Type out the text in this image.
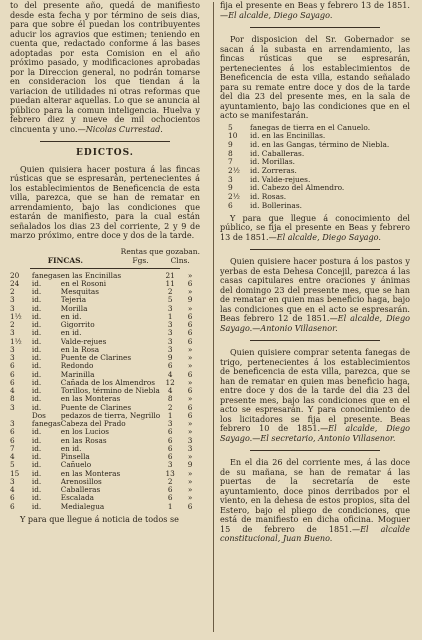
to del presente año, quedá de manifiesto desde esta fecha y por término de seis dias, para que sobre él puedan los contribuyentes aducir los agravios que estimen; teniendo en cuenta que, redactado conforme á las bases adoptadas por esta Comision en el año próximo pasado, y modificaciones aprobadas por la Direccion general, no podrán tomarse en consideracion los que tiendan á la variacion de utilidades ni otras reformas que puedan alterar aquellas. Lo que se anuncia al público para la comun inteligencia. Huelva y febrero diez y nueve de mil ochocientos cincuenta y uno.—Nicolas Currestad.

EDICTOS.

Quien quisiera hacer postura á las fincas rústicas que se espresarán, pertenecientes á los establecimientos de Beneficencia de esta villa, parezca, que se han de rematar en arrendamiento, bajo las condiciones que estarán de manifiesto, para la cual están señalados los dias 23 del corriente, 2 y 9 de marzo próximo, entre doce y dos de la tarde.

	Rentas que gozaban.	
FINCAS.	Fgs.	Clns.
20	fanegas	en las Encinillas	21	»
24	id.	en el Rosoni	11	6
2	id.	Mesquitas	2	»
3	id.	Tejeria	5	9
3	id.	Morilla	3	»
1½	id.	en id.	1	6
2	id.	Gigorrito	3	6
3	id.	en id.	3	6
1½	id.	Valde-rejues	3	6
3	id.	en la Rosa	3	»
3	id.	Puente de Clarines	9	»
6	id.	Redondo	6	»
6	id.	Marinilla	4	6
6	id.	Cañada de los Almendros	12	»
4	id.	Torillos, término de Niebla	4	6
8	id.	en las Monteras	8	»
3	id.	Puente de Clarines	2	6
	Dos	pedazos de tierra, Negrillo	1	6
3	fanegas	Cabeza del Prado	3	»
6	id.	en los Lucios	6	»
6	id.	en las Rosas	6	3
7	id.	en id.	6	3
4	id.	Pinsella	6	»
5	id.	Cañuelo	3	9
15	id.	en las Monteras	13	»
3	id.	Arenosillos	2	»
4	id.	Caballeras	6	»
6	id.	Escalada	6	»
6	id.	Medialegua	1	6

Y para que llegue á noticia de todos se

fija el presente en Beas y febrero 13 de 1851.—El alcalde, Diego Sayago.

Por disposicion del Sr. Gobernador se sacan á la subasta en arrendamiento, las fincas rústicas que se espresarán, pertenecientes á los establecimientos de Beneficencia de esta villa, estando señalado para su remate entre doce y dos de la tarde del dia 23 del presente mes, en la sala de ayuntamiento, bajo las condiciones que en el acto se manifestarán.

5	fanegas de tierra en el Canuelo.
10	id. en las Encinillas.
9	id. en las Gangas, término de Niebla.
8	id. Caballeras.
7	id. Morillas.
2½	id. Zorreras.
3	id. Valde-rejues.
9	id. Cabezo del Almendro.
2½	id. Rosas.
6	id. Bollerinas.

Y para que llegue á conocimiento del público, se fija el presente en Beas y febrero 13 de 1851.—El alcalde, Diego Sayago.

Quien quisiere hacer postura á los pastos y yerbas de esta Dehesa Concejil, parezca á las casas capitulares entre oraciones y ánimas del domingo 23 del presente mes, que se han de rematar en quien mas beneficio haga, bajo las condiciones que en el acto se espresarán. Beas febrero 12 de 1851.—El alcalde, Diego Sayago.—Antonio Villasenor.

Quien quisiere comprar setenta fanegas de trigo, pertenecientes á los establecimientos de beneficencia de esta villa, parezca, que se han de rematar en quien mas beneficio haga, entre doce y dos de la tarde del dia 23 del presente mes, bajo las condiciones que en el acto se espresarán. Y para conocimiento de los licitadores se fija el presente. Beas febrero 10 de 1851.—El alcalde, Diego Sayago.—El secretario, Antonio Villasenor.

En el dia 26 del corriente mes, á las doce de su mañana, se han de rematar á las puertas de la secretaría de este ayuntamiento, doce pinos derribados por el viento, en la dehesa de estos propios, sita del Estero, bajo el pliego de condiciones, que está de manifiesto en dicha oficina. Moguer 15 de febrero de 1851.—El alcalde constitucional, Juan Bueno.
